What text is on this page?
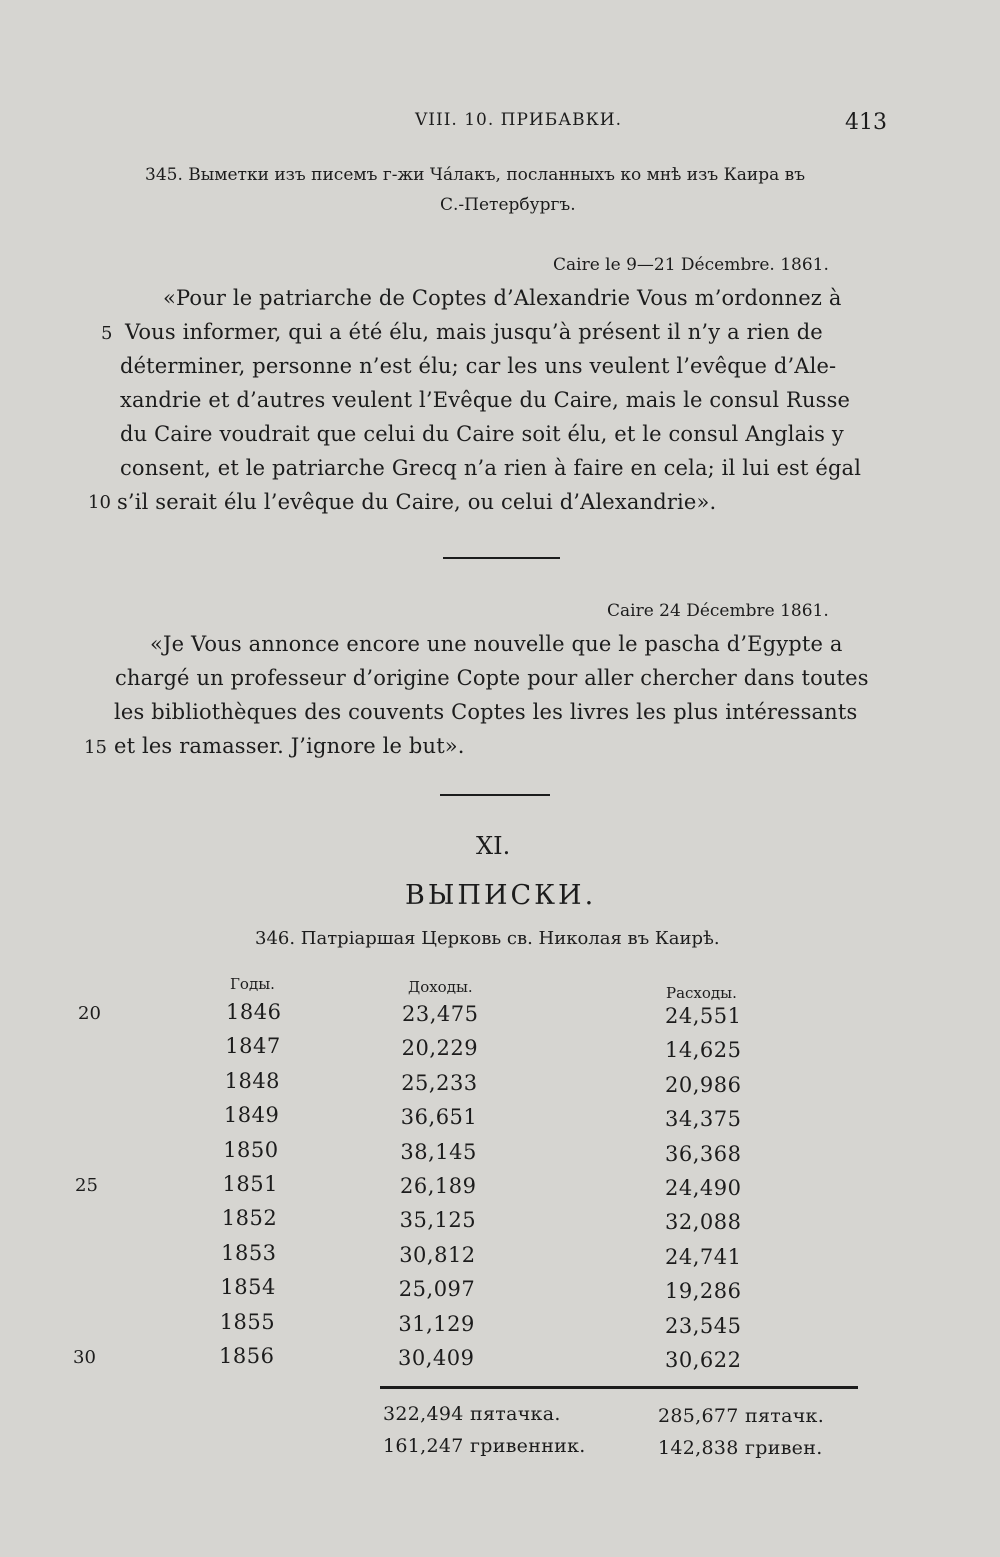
VIII. 10. ПРИБАВКИ.	413
345. Выметки изъ писемъ г-жи Чáлакъ, посланныхъ ко мнѣ изъ Каира въ
С.-Петербургъ.
Caire le 9—21 Décembre. 1861.
«Pour le patriarche de Coptes d’Alexandrie Vous m’ordonnez à
Vous informer, qui a été élu, mais jusqu’à présent il n’y a rien de
déterminer, personne n’est élu; car les uns veulent l’evêque d’Ale-
xandrie et d’autres veulent l’Evêque du Caire, mais le consul Russe
du Caire voudrait que celui du Caire soit élu, et le consul Anglais y
consent, et le patriarche Grecq n’a rien à faire en cela; il lui est égal
s’il serait élu l’evêque du Caire, ou celui d’Alexandrie».
5
10
Caire 24 Décembre 1861.
«Je Vous annonce encore une nouvelle que le pascha d’Egypte a
chargé un professeur d’origine Copte pour aller chercher dans toutes
les bibliothèques des couvents Coptes les livres les plus intéressants
et les ramasser. J’ignore le but».
15
XI.
ВЫПИСКИ.
346. Патріаршая Церковь св. Николая въ Каирѣ.
Годы.	Доходы.	Расходы.
20
25
30
1846	23,475	24,551
1847	20,229	14,625
1848	25,233	20,986
1849	36,651	34,375
1850	38,145	36,368
1851	26,189	24,490
1852	35,125	32,088
1853	30,812	24,741
1854	25,097	19,286
1855	31,129	23,545
1856	30,409	30,622
322,494 пятачка.	285,677 пятачк.
161,247 гривенник.	142,838 гривен.
